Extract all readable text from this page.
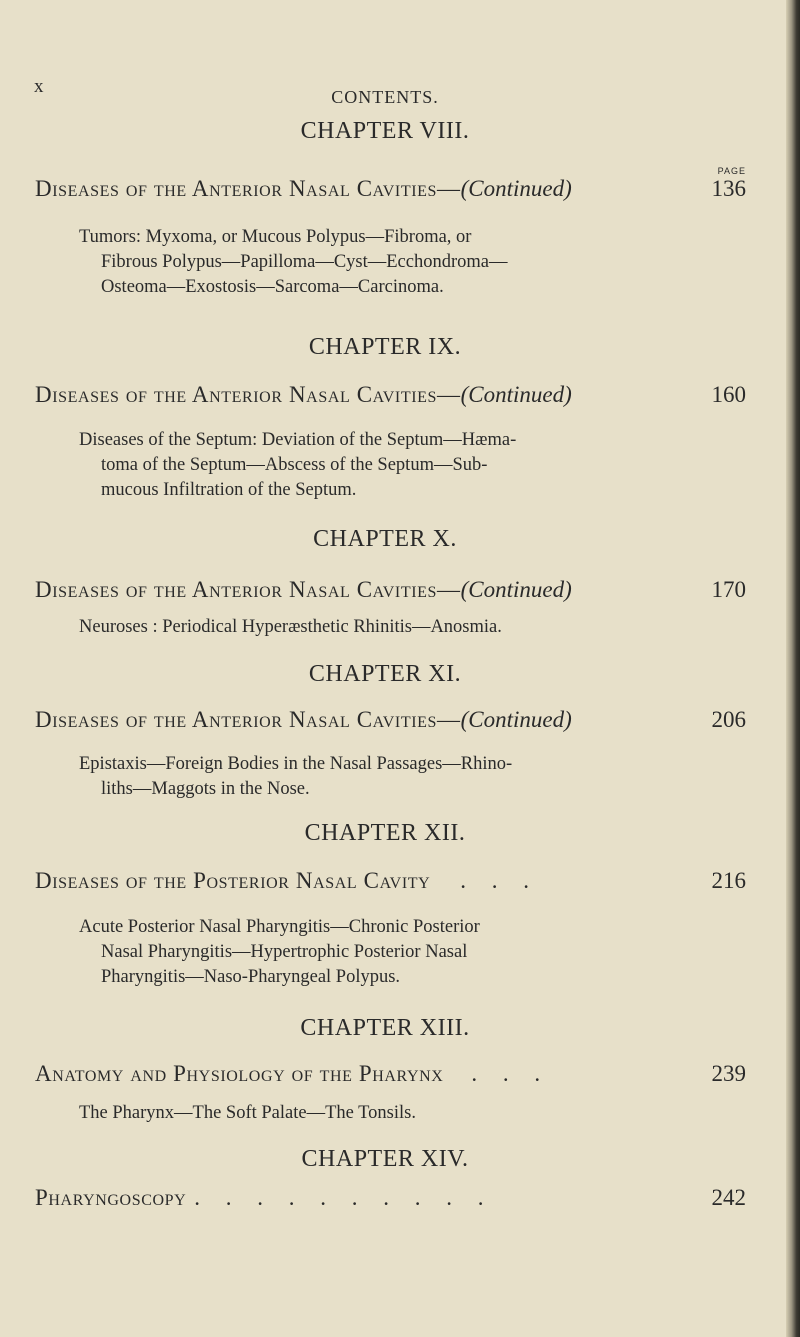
x	CONTENTS.
PAGE
CHAPTER VIII.
Diseases of the Anterior Nasal Cavities—(Continued)	136
Tumors: Myxoma, or Mucous Polypus—Fibroma, or
Fibrous Polypus—Papilloma—Cyst—Ecchondroma—
Osteoma—Exostosis—Sarcoma—Carcinoma.
CHAPTER IX.
Diseases of the Anterior Nasal Cavities—(Continued)	160
Diseases of the Septum: Deviation of the Septum—Hæma-
toma of the Septum—Abscess of the Septum—Sub-
mucous Infiltration of the Septum.
CHAPTER X.
Diseases of the Anterior Nasal Cavities—(Continued)	170
Neuroses : Periodical Hyperæsthetic Rhinitis—Anosmia.
CHAPTER XI.
Diseases of the Anterior Nasal Cavities—(Continued)	206
Epistaxis—Foreign Bodies in the Nasal Passages—Rhino-
liths—Maggots in the Nose.
CHAPTER XII.
Diseases of the Posterior Nasal Cavity	. . .	216
Acute Posterior Nasal Pharyngitis—Chronic Posterior
Nasal Pharyngitis—Hypertrophic Posterior Nasal
Pharyngitis—Naso-Pharyngeal Polypus.
CHAPTER XIII.
Anatomy and Physiology of the Pharynx	. . .	239
The Pharynx—The Soft Palate—The Tonsils.
CHAPTER XIV.
Pharyngoscopy . . . . . . . . . .	242
